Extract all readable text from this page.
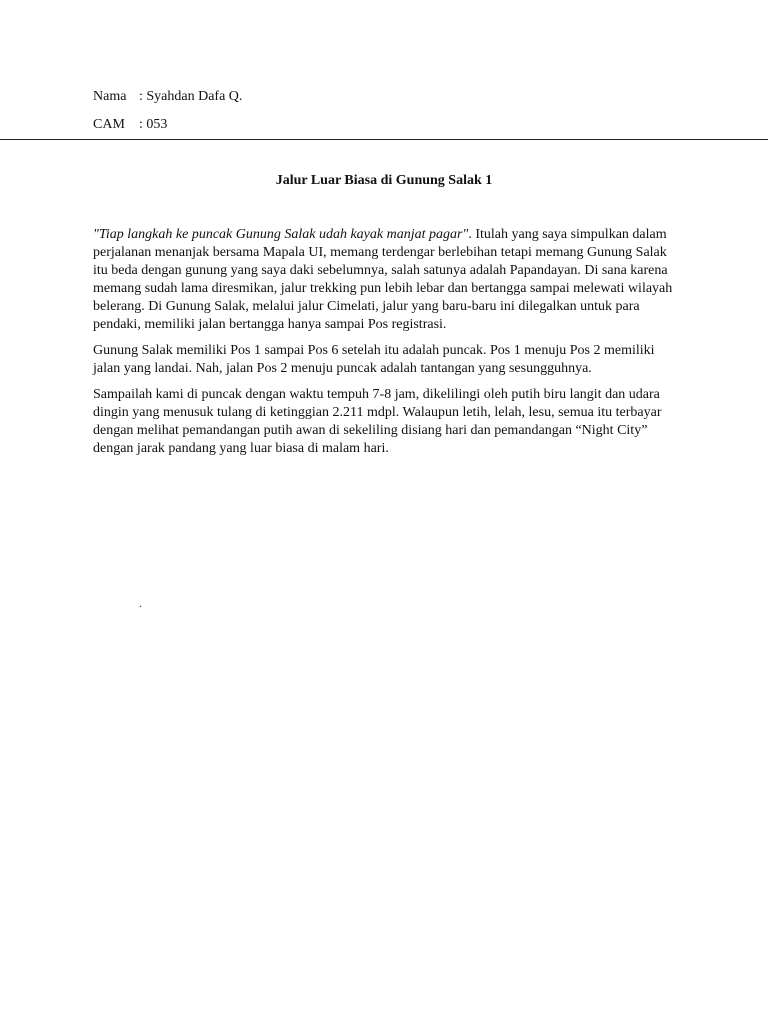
Nama : Syahdan Dafa Q.
CAM : 053
Jalur Luar Biasa di Gunung Salak 1

"Tiap langkah ke puncak Gunung Salak udah kayak manjat pagar". Itulah yang saya simpulkan dalam perjalanan menanjak bersama Mapala UI, memang terdengar berlebihan tetapi memang Gunung Salak itu beda dengan gunung yang saya daki sebelumnya, salah satunya adalah Papandayan. Di sana karena memang sudah lama diresmikan, jalur trekking pun lebih lebar dan bertangga sampai melewati wilayah belerang. Di Gunung Salak, melalui jalur Cimelati, jalur yang baru-baru ini dilegalkan untuk para pendaki, memiliki jalan bertangga hanya sampai Pos registrasi.

Gunung Salak memiliki Pos 1 sampai Pos 6 setelah itu adalah puncak. Pos 1 menuju Pos 2 memiliki jalan yang landai. Nah, jalan Pos 2 menuju puncak adalah tantangan yang sesungguhnya.

Sampailah kami di puncak dengan waktu tempuh 7-8 jam, dikelilingi oleh putih biru langit dan udara dingin yang menusuk tulang di ketinggian 2.211 mdpl. Walaupun letih, lelah, lesu, semua itu terbayar dengan melihat pemandangan putih awan di sekeliling disiang hari dan pemandangan “Night City” dengan jarak pandang yang luar biasa di malam hari.

.
